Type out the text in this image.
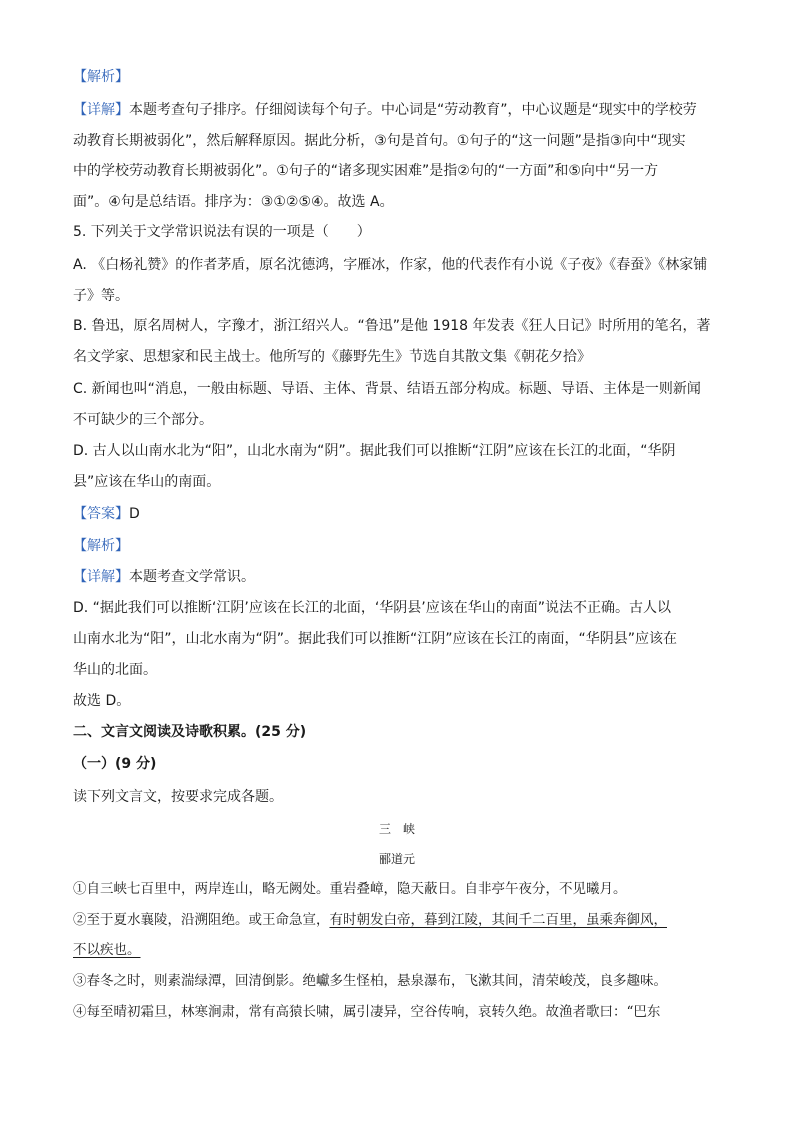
【解析】
【详解】本题考查句子排序。仔细阅读每个句子。中心词是“劳动教育”，中心议题是“现实中的学校劳
动教育长期被弱化”，然后解释原因。据此分析，③句是首句。①句子的“这一问题”是指③向中“现实
中的学校劳动教育长期被弱化”。①句子的“诸多现实困难”是指②句的“一方面”和⑤向中“另一方
面”。④句是总结语。排序为：③①②⑤④。故选 A。
5. 下列关于文学常识说法有误的一项是（　　）
A. 《白杨礼赞》的作者茅盾，原名沈德鸿，字雁冰，作家，他的代表作有小说《子夜》《春蚕》《林家铺
子》等。
B. 鲁迅，原名周树人，字豫才，浙江绍兴人。“鲁迅”是他 1918 年发表《狂人日记》时所用的笔名，著
名文学家、思想家和民主战士。他所写的《藤野先生》节选自其散文集《朝花夕拾》
C. 新闻也叫“消息，一般由标题、导语、主体、背景、结语五部分构成。标题、导语、主体是一则新闻
不可缺少的三个部分。
D. 古人以山南水北为“阳”，山北水南为“阴”。据此我们可以推断“江阴”应该在长江的北面，“华阴
县”应该在华山的南面。
【答案】D
【解析】
【详解】本题考查文学常识。
D. “据此我们可以推断‘江阴’应该在长江的北面，‘华阴县’应该在华山的南面”说法不正确。古人以
山南水北为“阳”，山北水南为“阴”。据此我们可以推断“江阴”应该在长江的南面，“华阴县”应该在
华山的北面。
故选 D。
二、文言文阅读及诗歌积累。(25 分)
（一）(9 分)
读下列文言文，按要求完成各题。
三　峡
郦道元
①自三峡七百里中，两岸连山，略无阙处。重岩叠嶂，隐天蔽日。自非亭午夜分，不见曦月。
②至于夏水襄陵，沿溯阻绝。或王命急宣，有时朝发白帝，暮到江陵，其间千二百里，虽乘奔御风，
不以疾也。
③春冬之时，则素湍绿潭，回清倒影。绝巘多生怪柏，悬泉瀑布，飞漱其间，清荣峻茂，良多趣味。
④每至晴初霜旦，林寒涧肃，常有高猿长啸，属引凄异，空谷传响，哀转久绝。故渔者歌曰：“巴东
